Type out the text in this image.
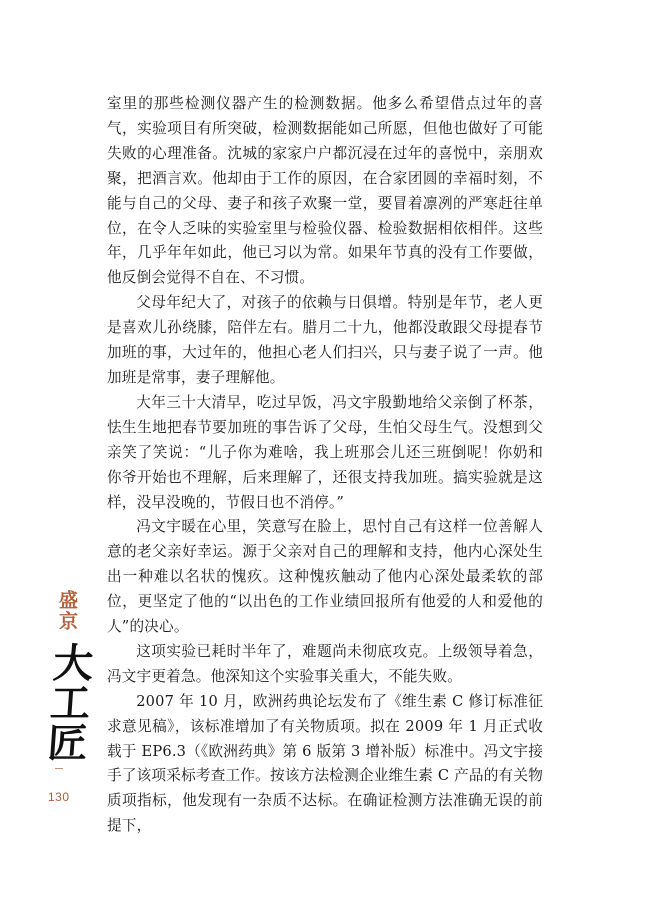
室里的那些检测仪器产生的检测数据。他多么希望借点过年的喜气，实验项目有所突破，检测数据能如己所愿，但他也做好了可能失败的心理准备。沈城的家家户户都沉浸在过年的喜悦中，亲朋欢聚，把酒言欢。他却由于工作的原因，在合家团圆的幸福时刻，不能与自己的父母、妻子和孩子欢聚一堂，要冒着凛冽的严寒赶往单位，在令人乏味的实验室里与检验仪器、检验数据相依相伴。这些年，几乎年年如此，他已习以为常。如果年节真的没有工作要做，他反倒会觉得不自在、不习惯。

父母年纪大了，对孩子的依赖与日俱增。特别是年节，老人更是喜欢儿孙绕膝，陪伴左右。腊月二十九，他都没敢跟父母提春节加班的事，大过年的，他担心老人们扫兴，只与妻子说了一声。他加班是常事，妻子理解他。

大年三十大清早，吃过早饭，冯文宇殷勤地给父亲倒了杯茶，怯生生地把春节要加班的事告诉了父母，生怕父母生气。没想到父亲笑了笑说：“儿子你为难啥，我上班那会儿还三班倒呢！你奶和你爷开始也不理解，后来理解了，还很支持我加班。搞实验就是这样，没早没晚的，节假日也不消停。”

冯文宇暖在心里，笑意写在脸上，思忖自己有这样一位善解人意的老父亲好幸运。源于父亲对自己的理解和支持，他内心深处生出一种难以名状的愧疚。这种愧疚触动了他内心深处最柔软的部位，更坚定了他的“以出色的工作业绩回报所有他爱的人和爱他的人”的决心。

这项实验已耗时半年了，难题尚未彻底攻克。上级领导着急，冯文宇更着急。他深知这个实验事关重大，不能失败。

2007 年 10 月，欧洲药典论坛发布了《维生素 C 修订标准征求意见稿》，该标准增加了有关物质项。拟在 2009 年 1 月正式收载于 EP6.3（《欧洲药典》第 6 版第 3 增补版）标准中。冯文宇接手了该项采标考查工作。按该方法检测企业维生素 C 产品的有关物质项指标，他发现有一杂质不达标。在确证检测方法准确无误的前提下，

盛京
大工匠
130
